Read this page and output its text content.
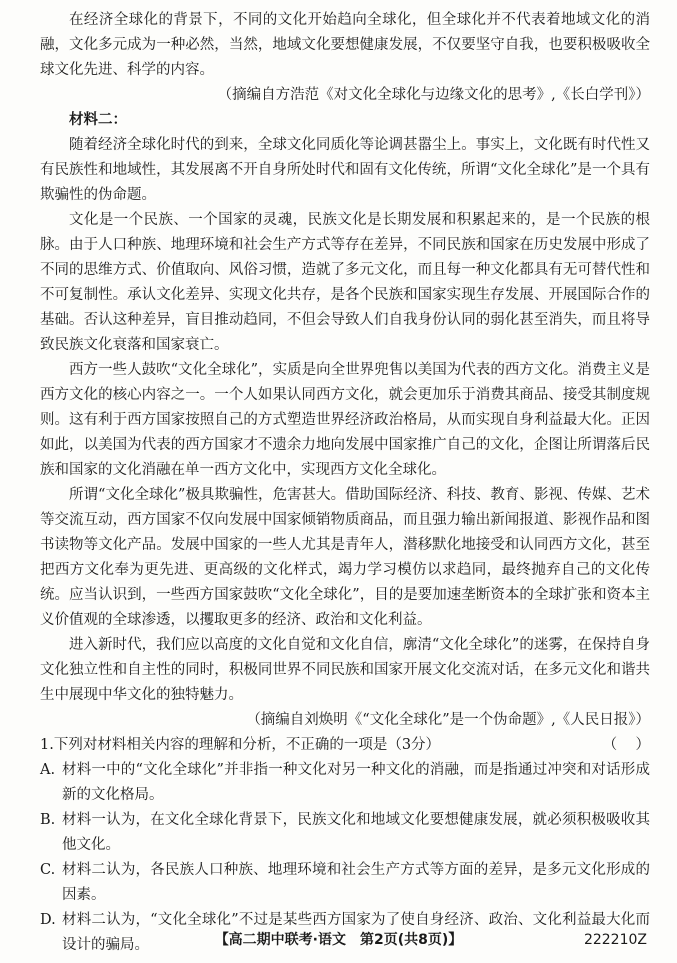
在经济全球化的背景下，不同的文化开始趋向全球化，但全球化并不代表着地域文化的消融，文化多元成为一种必然，当然，地域文化要想健康发展，不仅要坚守自我，也要积极吸收全球文化先进、科学的内容。

（摘编自方浩范《对文化全球化与边缘文化的思考》,《长白学刊》）

材料二：

随着经济全球化时代的到来，全球文化同质化等论调甚嚣尘上。事实上，文化既有时代性又有民族性和地域性，其发展离不开自身所处时代和固有文化传统，所谓“文化全球化”是一个具有欺骗性的伪命题。

文化是一个民族、一个国家的灵魂，民族文化是长期发展和积累起来的，是一个民族的根脉。由于人口种族、地理环境和社会生产方式等存在差异，不同民族和国家在历史发展中形成了不同的思维方式、价值取向、风俗习惯，造就了多元文化，而且每一种文化都具有无可替代性和不可复制性。承认文化差异、实现文化共存，是各个民族和国家实现生存发展、开展国际合作的基础。否认这种差异，盲目推动趋同，不但会导致人们自我身份认同的弱化甚至消失，而且将导致民族文化衰落和国家衰亡。

西方一些人鼓吹“文化全球化”，实质是向全世界兜售以美国为代表的西方文化。消费主义是西方文化的核心内容之一。一个人如果认同西方文化，就会更加乐于消费其商品、接受其制度规则。这有利于西方国家按照自己的方式塑造世界经济政治格局，从而实现自身利益最大化。正因如此，以美国为代表的西方国家才不遗余力地向发展中国家推广自己的文化，企图让所谓落后民族和国家的文化消融在单一西方文化中，实现西方文化全球化。

所谓“文化全球化”极具欺骗性，危害甚大。借助国际经济、科技、教育、影视、传媒、艺术等交流互动，西方国家不仅向发展中国家倾销物质商品，而且强力输出新闻报道、影视作品和图书读物等文化产品。发展中国家的一些人尤其是青年人，潜移默化地接受和认同西方文化，甚至把西方文化奉为更先进、更高级的文化样式，竭力学习模仿以求趋同，最终抛弃自己的文化传统。应当认识到，一些西方国家鼓吹“文化全球化”，目的是要加速垄断资本的全球扩张和资本主义价值观的全球渗透，以攫取更多的经济、政治和文化利益。

进入新时代，我们应以高度的文化自觉和文化自信，廓清“文化全球化”的迷雾，在保持自身文化独立性和自主性的同时，积极同世界不同民族和国家开展文化交流对话，在多元文化和谐共生中展现中华文化的独特魅力。

（摘编自刘焕明《“文化全球化”是一个伪命题》,《人民日报》）

1.下列对材料相关内容的理解和分析，不正确的一项是（3分）	（    ）

A. 材料一中的“文化全球化”并非指一种文化对另一种文化的消融，而是指通过冲突和对话形成新的文化格局。

B. 材料一认为，在文化全球化背景下，民族文化和地域文化要想健康发展，就必须积极吸收其他文化。

C. 材料二认为，各民族人口种族、地理环境和社会生产方式等方面的差异，是多元文化形成的因素。

D. 材料二认为，“文化全球化”不过是某些西方国家为了使自身经济、政治、文化利益最大化而设计的骗局。	【高二期中联考·语文　第2页(共8页)】	222210Z
